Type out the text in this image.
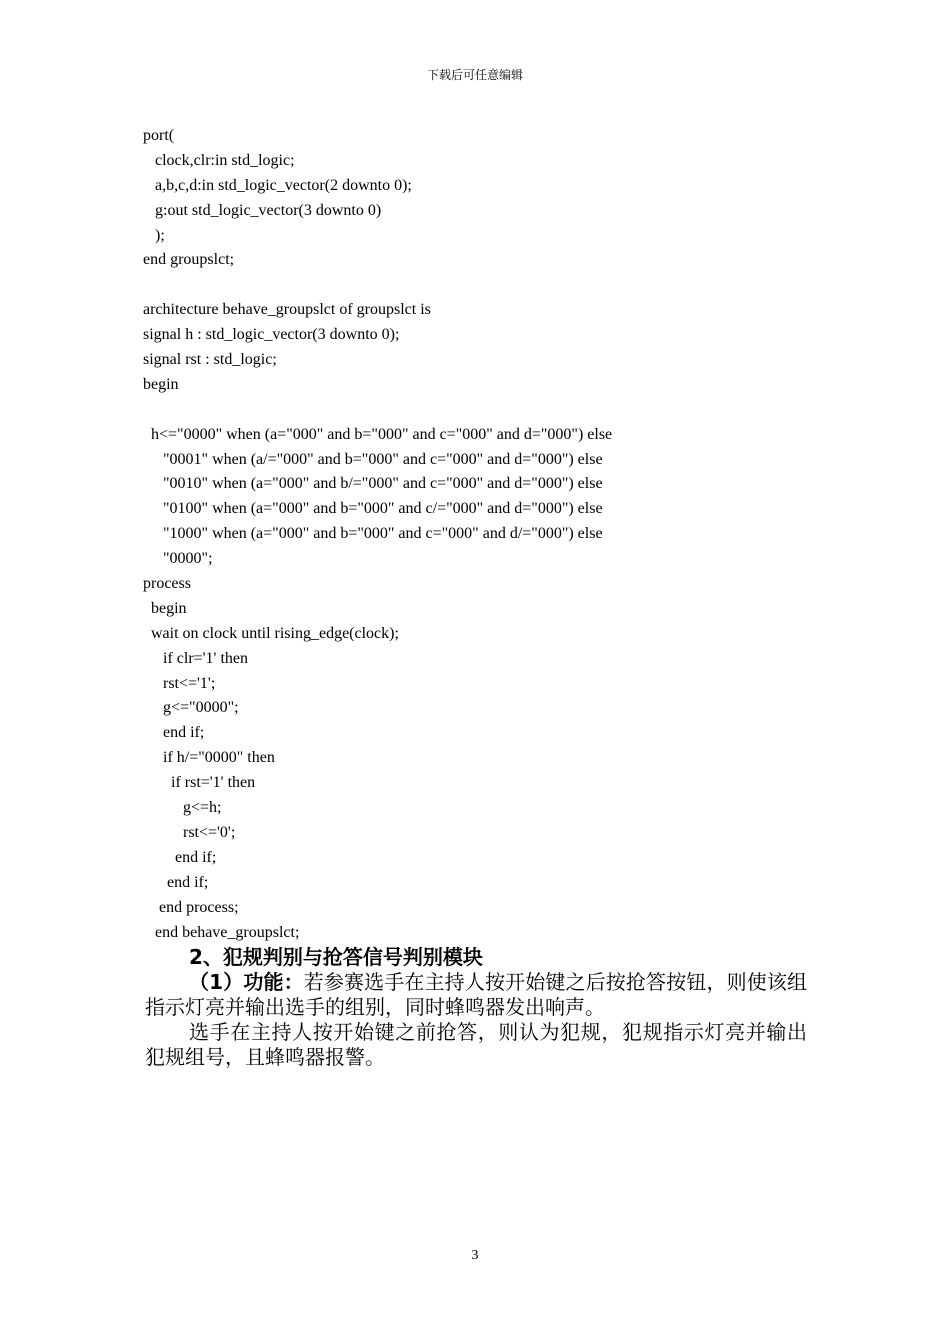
下载后可任意编辑
port(
clock,clr:in std_logic;
a,b,c,d:in std_logic_vector(2 downto 0);
g:out std_logic_vector(3 downto 0)
);
end groupslct;
architecture behave_groupslct of groupslct is
signal h : std_logic_vector(3 downto 0);
signal rst : std_logic;
begin
h<="0000" when (a="000" and b="000" and c="000" and d="000") else
"0001" when (a/="000" and b="000" and c="000" and d="000") else
"0010" when (a="000" and b/="000" and c="000" and d="000") else
"0100" when (a="000" and b="000" and c/="000" and d="000") else
"1000" when (a="000" and b="000" and c="000" and d/="000") else
"0000";
process
begin
wait on clock until rising_edge(clock);
if clr='1' then
rst<='1';
g<="0000";
end if;
if h/="0000" then
if rst='1' then
g<=h;
rst<='0';
end if;
end if;
end process;
end behave_groupslct;
2、犯规判别与抢答信号判别模块

（1）功能：若参赛选手在主持人按开始键之后按抢答按钮，则使该组指示灯亮并输出选手的组别，同时蜂鸣器发出响声。

选手在主持人按开始键之前抢答，则认为犯规，犯规指示灯亮并输出犯规组号，且蜂鸣器报警。

3
